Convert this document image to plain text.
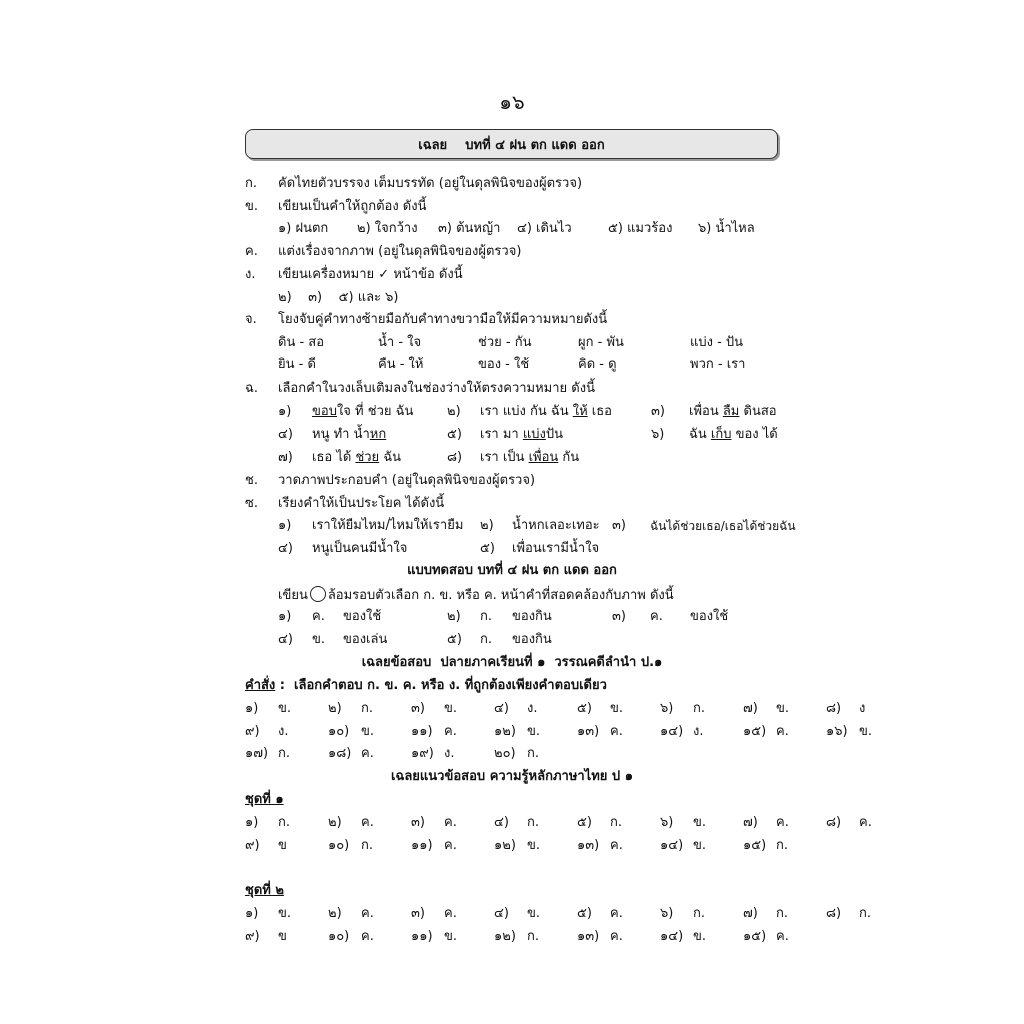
๑๖
เฉลย    บทที่ ๔ ฝน ตก แดด ออก
ก. คัดไทยตัวบรรจง เต็มบรรทัด (อยู่ในดุลพินิจของผู้ตรวจ)
ข. เขียนเป็นคำให้ถูกต้อง ดังนี้
๑) ฝนตก ๒) ใจกว้าง ๓) ต้นหญ้า ๔) เดินไว	๕) แมวร้อง ๖) น้ำไหล
ค. แต่งเรื่องจากภาพ (อยู่ในดุลพินิจของผู้ตรวจ)
ง. เขียนเครื่องหมาย ✓ หน้าข้อ ดังนี้
๒)    ๓)    ๕) และ ๖)
จ. โยงจับคู่คำทางซ้ายมือกับคำทางขวามือให้มีความหมายดังนี้
ดิน - สอ	น้ำ - ใจ	ช่วย - กัน	ผูก - พัน	แบ่ง - ปัน
ยิน - ดี	คืน - ให้	ของ - ใช้	คิด - ดู	พวก - เรา
ฉ. เลือกคำในวงเล็บเติมลงในช่องว่างให้ตรงความหมาย ดังนี้
๑) ขอบใจ ที่ ช่วย ฉัน	๒) เรา แบ่ง กัน ฉัน ให้ เธอ	๓) เพื่อน ลืม ดินสอ
๔) หนู ทำ น้ำหก	๕) เรา มา แบ่งปัน	๖) ฉัน เก็บ ของ ได้
๗) เธอ ได้ ช่วย ฉัน	๘) เรา เป็น เพื่อน กัน
ช. วาดภาพประกอบคำ (อยู่ในดุลพินิจของผู้ตรวจ)
ซ. เรียงคำให้เป็นประโยค ได้ดังนี้
๑) เราให้ยืมไหม/ไหมให้เรายืม ๒) น้ำหกเลอะเทอะ ๓) ฉันได้ช่วยเธอ/เธอได้ช่วยฉัน
๔) หนูเป็นคนมีน้ำใจ	๕) เพื่อนเรามีน้ำใจ
แบบทดสอบ บทที่ ๔ ฝน ตก แดด ออก
เขียน ล้อมรอบตัวเลือก ก. ข. หรือ ค. หน้าคำที่สอดคล้องกับภาพ ดังนี้
๑) ค. ของใช้	๒) ก. ของกิน	๓) ค. ของใช้
๔) ข. ของเล่น	๕) ก. ของกิน
เฉลยข้อสอบ  ปลายภาคเรียนที่ ๑  วรรณคดีลำนำ ป.๑
คำสั่ง :  เลือกคำตอบ ก. ข. ค. หรือ ง. ที่ถูกต้องเพียงคำตอบเดียว
๑) ข.	๒) ก.	๓) ข.	๔) ง.	๕) ข.	๖) ก.	๗) ข.	๘) ง
๙) ง.	๑๐) ข.	๑๑) ค.	๑๒) ข.	๑๓) ค.	๑๔) ง.	๑๕) ค.	๑๖) ข.
๑๗) ก.	๑๘) ค.	๑๙) ง.	๒๐) ก.
เฉลยแนวข้อสอบ ความรู้หลักภาษาไทย ป ๑
ชุดที่ ๑
๑) ก.	๒) ค.	๓) ค.	๔) ก.	๕) ก.	๖) ข.	๗) ค.	๘) ค.
๙) ข	๑๐) ก.	๑๑) ค.	๑๒) ข.	๑๓) ค.	๑๔) ข.	๑๕) ก.
ชุดที่ ๒
๑) ข.	๒) ค.	๓) ค.	๔) ข.	๕) ค.	๖) ก.	๗) ก.	๘) ก.
๙) ข	๑๐) ค.	๑๑) ข.	๑๒) ก.	๑๓) ค.	๑๔) ข.	๑๕) ค.
